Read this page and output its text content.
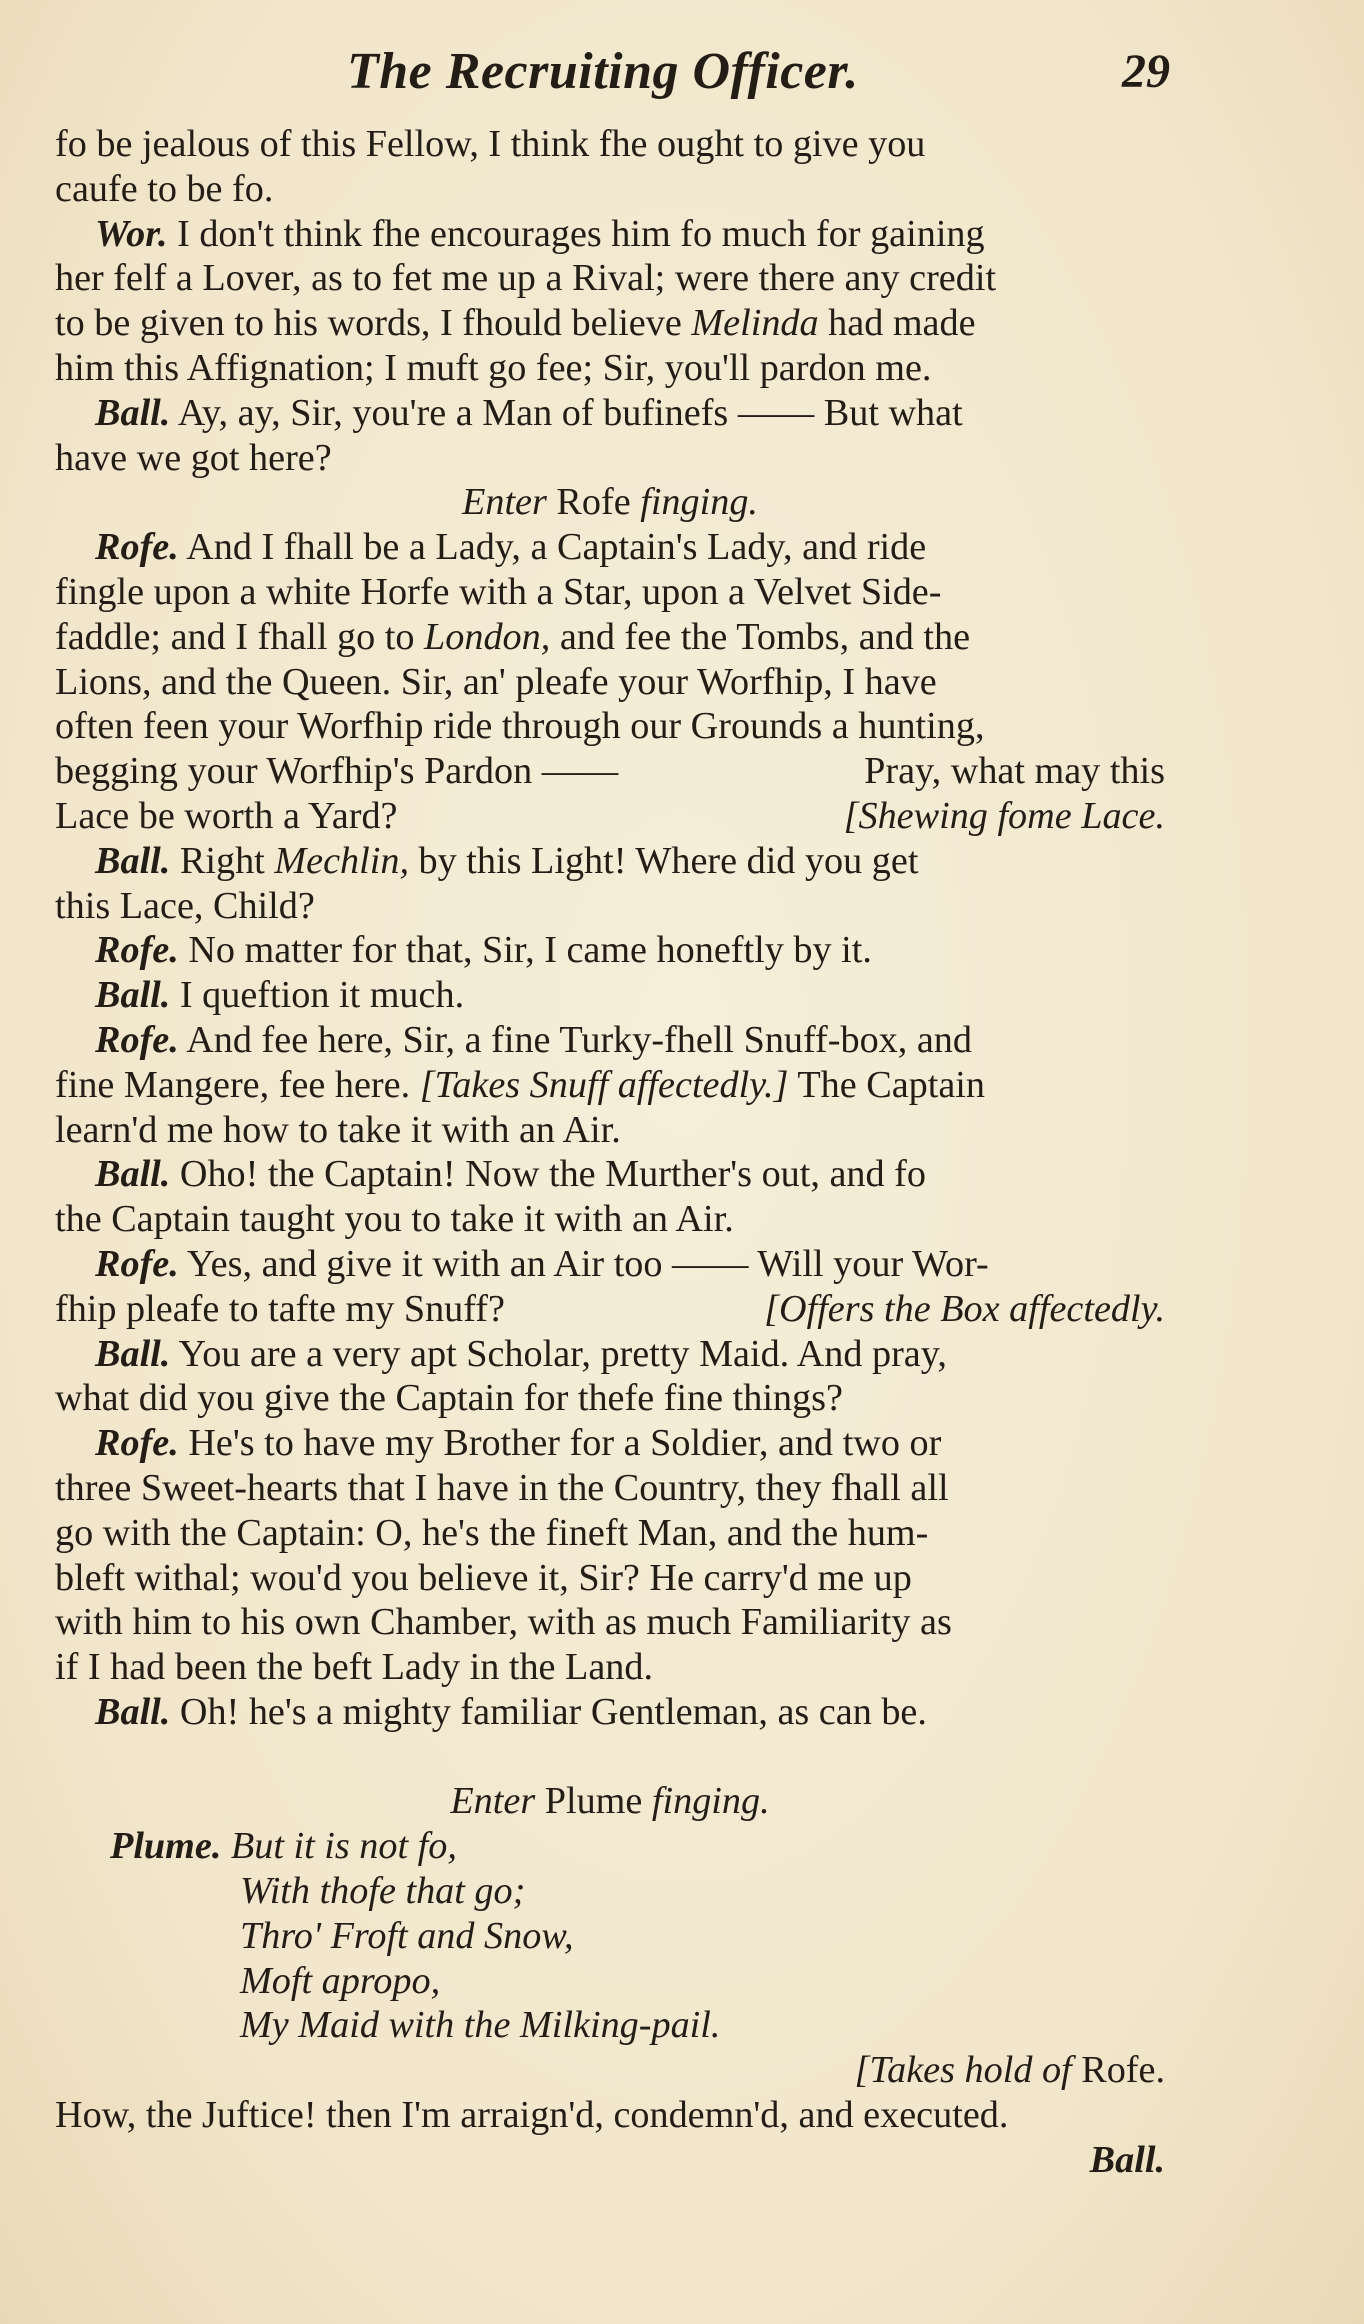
The Recruiting Officer.	29
fo be jealous of this Fellow, I think fhe ought to give you
caufe to be fo.
Wor. I don't think fhe encourages him fo much for gaining
her felf a Lover, as to fet me up a Rival; were there any credit
to be given to his words, I fhould believe Melinda had made
him this Affignation; I muft go fee; Sir, you'll pardon me.
Ball. Ay, ay, Sir, you're a Man of bufinefs —— But what
have we got here?
Enter Rofe finging.
Rofe. And I fhall be a Lady, a Captain's Lady, and ride
fingle upon a white Horfe with a Star, upon a Velvet Side-
faddle; and I fhall go to London, and fee the Tombs, and the
Lions, and the Queen. Sir, an' pleafe your Worfhip, I have
often feen your Worfhip ride through our Grounds a hunting,
begging your Worfhip's Pardon ——	Pray, what may this
Lace be worth a Yard?	[Shewing fome Lace.
Ball. Right Mechlin, by this Light! Where did you get
this Lace, Child?
Rofe. No matter for that, Sir, I came honeftly by it.
Ball. I queftion it much.
Rofe. And fee here, Sir, a fine Turky-fhell Snuff-box, and
fine Mangere, fee here. [Takes Snuff affectedly.] The Captain
learn'd me how to take it with an Air.
Ball. Oho! the Captain! Now the Murther's out, and fo
the Captain taught you to take it with an Air.
Rofe. Yes, and give it with an Air too —— Will your Wor-
fhip pleafe to tafte my Snuff?	[Offers the Box affectedly.
Ball. You are a very apt Scholar, pretty Maid. And pray,
what did you give the Captain for thefe fine things?
Rofe. He's to have my Brother for a Soldier, and two or
three Sweet-hearts that I have in the Country, they fhall all
go with the Captain: O, he's the fineft Man, and the hum-
bleft withal; wou'd you believe it, Sir? He carry'd me up
with him to his own Chamber, with as much Familiarity as
if I had been the beft Lady in the Land.
Ball. Oh! he's a mighty familiar Gentleman, as can be.
Enter Plume finging.
Plume. But it is not fo,
With thofe that go;
Thro' Froft and Snow,
Moft apropo,
My Maid with the Milking-pail.
[Takes hold of Rofe.
How, the Juftice! then I'm arraign'd, condemn'd, and executed.
Ball.
